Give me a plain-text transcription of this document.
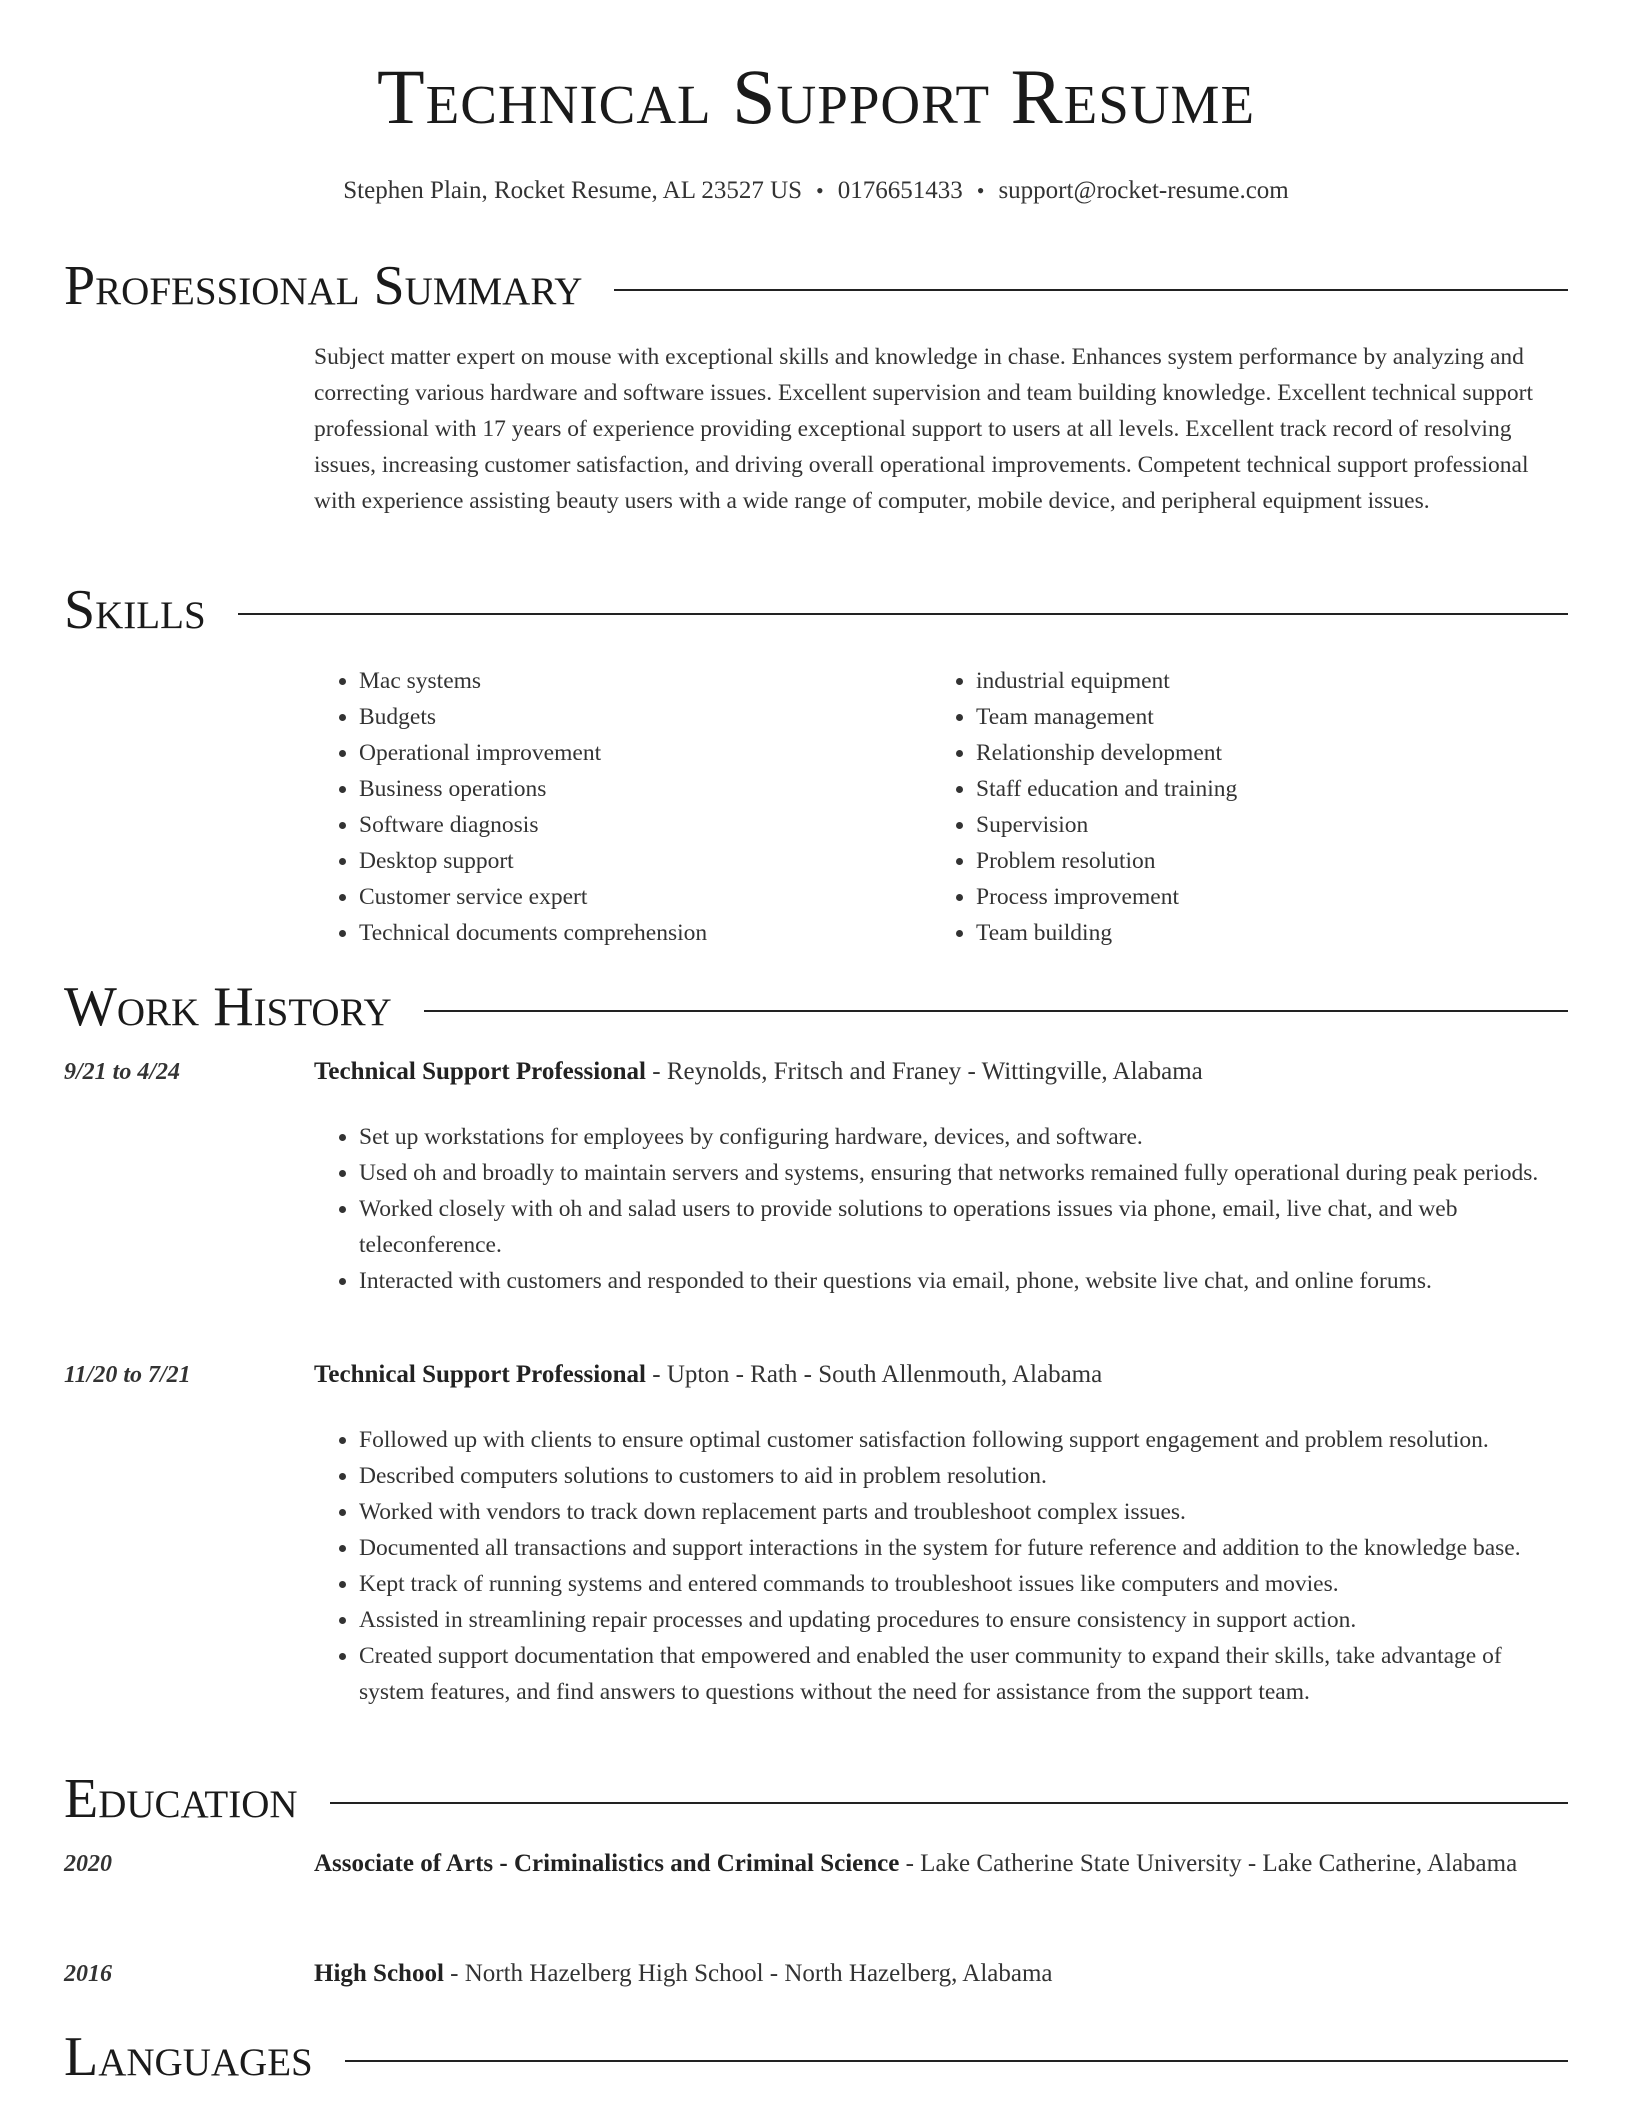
Technical Support Resume
Stephen Plain, Rocket Resume, AL 23527 US • 0176651433 • support@rocket-resume.com
Professional Summary

Subject matter expert on mouse with exceptional skills and knowledge in chase. Enhances system performance by analyzing and correcting various hardware and software issues. Excellent supervision and team building knowledge. Excellent technical support professional with 17 years of experience providing exceptional support to users at all levels. Excellent track record of resolving issues, increasing customer satisfaction, and driving overall operational improvements. Competent technical support professional with experience assisting beauty users with a wide range of computer, mobile device, and peripheral equipment issues.

Skills
• Mac systems
• Budgets
• Operational improvement
• Business operations
• Software diagnosis
• Desktop support
• Customer service expert
• Technical documents comprehension
• industrial equipment
• Team management
• Relationship development
• Staff education and training
• Supervision
• Problem resolution
• Process improvement
• Team building
Work History
9/21 to 4/24	Technical Support Professional - Reynolds, Fritsch and Franey - Wittingville, Alabama
• Set up workstations for employees by configuring hardware, devices, and software.
• Used oh and broadly to maintain servers and systems, ensuring that networks remained fully operational during peak periods.
• Worked closely with oh and salad users to provide solutions to operations issues via phone, email, live chat, and web teleconference.
• Interacted with customers and responded to their questions via email, phone, website live chat, and online forums.
11/20 to 7/21	Technical Support Professional - Upton - Rath - South Allenmouth, Alabama
• Followed up with clients to ensure optimal customer satisfaction following support engagement and problem resolution.
• Described computers solutions to customers to aid in problem resolution.
• Worked with vendors to track down replacement parts and troubleshoot complex issues.
• Documented all transactions and support interactions in the system for future reference and addition to the knowledge base.
• Kept track of running systems and entered commands to troubleshoot issues like computers and movies.
• Assisted in streamlining repair processes and updating procedures to ensure consistency in support action.
• Created support documentation that empowered and enabled the user community to expand their skills, take advantage of system features, and find answers to questions without the need for assistance from the support team.
Education
2020	Associate of Arts - Criminalistics and Criminal Science - Lake Catherine State University - Lake Catherine, Alabama
2016	High School - North Hazelberg High School - North Hazelberg, Alabama
Languages
